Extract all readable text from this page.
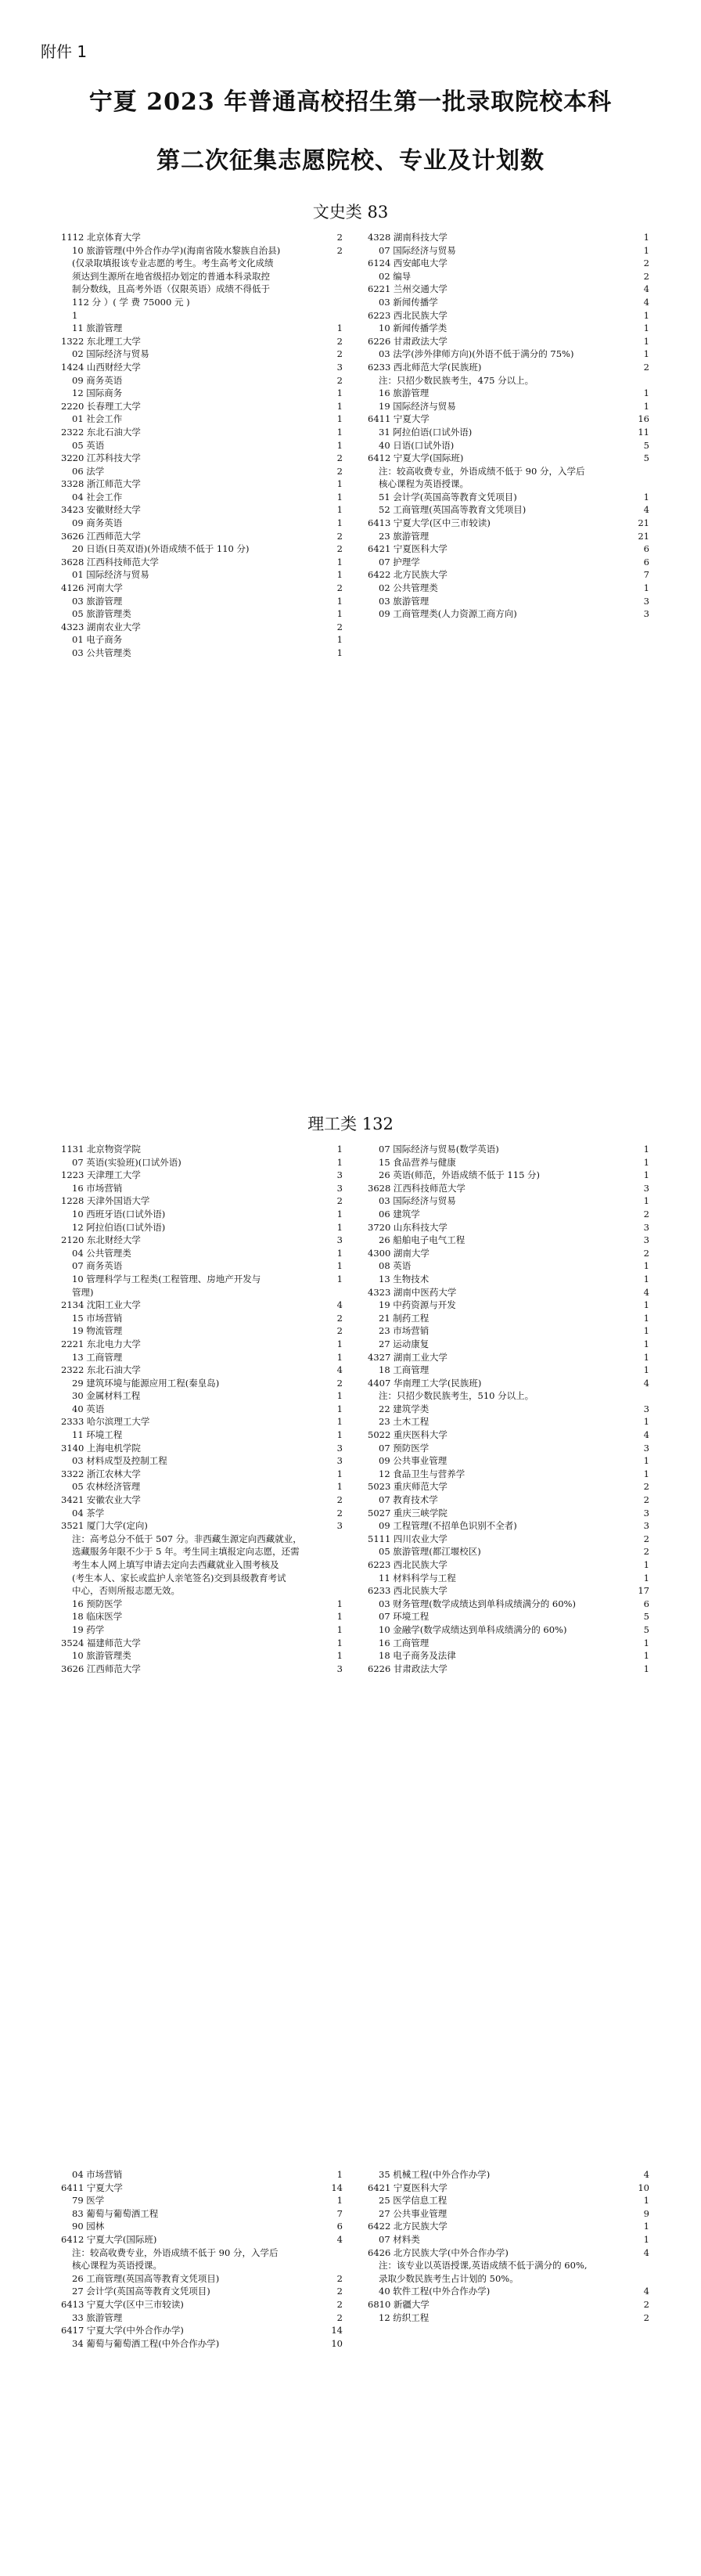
附件 1
宁夏 2023 年普通高校招生第一批录取院校本科
第二次征集志愿院校、专业及计划数
文史类 83
1112 北京体育大学	2
10 旅游管理(中外合作办学)(海南省陵水黎族自治县)	2
(仅录取填报该专业志愿的考生。考生高考文化成绩
须达到生源所在地省级招办划定的普通本科录取控
制分数线，且高考外语（仅限英语）成绩不得低于
112 分 ）( 学 费 75000 元 )
1
11 旅游管理	1
1322 东北理工大学	2
02 国际经济与贸易	2
1424 山西财经大学	3
09 商务英语	2
12 国际商务	1
2220 长春理工大学	1
01 社会工作	1
2322 东北石油大学	1
05 英语	1
3220 江苏科技大学	2
06 法学	2
3328 浙江师范大学	1
04 社会工作	1
3423 安徽财经大学	1
09 商务英语	1
3626 江西师范大学	2
20 日语(日英双语)(外语成绩不低于 110 分)	2
3628 江西科技师范大学	1
01 国际经济与贸易	1
4126 河南大学	2
03 旅游管理	1
05 旅游管理类	1
4323 湖南农业大学	2
01 电子商务	1
03 公共管理类	1
4328 湖南科技大学	1
07 国际经济与贸易	1
6124 西安邮电大学	2
02 编导	2
6221 兰州交通大学	4
03 新闻传播学	4
6223 西北民族大学	1
10 新闻传播学类	1
6226 甘肃政法大学	1
03 法学(涉外律师方向)(外语不低于满分的 75%)	1
6233 西北师范大学(民族班)	2
注：只招少数民族考生，475 分以上。
16 旅游管理	1
19 国际经济与贸易	1
6411 宁夏大学	16
31 阿拉伯语(口试外语)	11
40 日语(口试外语)	5
6412 宁夏大学(国际班)	5
注：较高收费专业，外语成绩不低于 90 分，入学后
核心课程为英语授课。
51 会计学(英国高等教育文凭项目)	1
52 工商管理(英国高等教育文凭项目)	4
6413 宁夏大学(区中三市较读)	21
23 旅游管理	21
6421 宁夏医科大学	6
07 护理学	6
6422 北方民族大学	7
02 公共管理类	1
03 旅游管理	3
09 工商管理类(人力资源工商方向)	3
理工类 132
1131 北京物资学院	1
07 英语(实验班)(口试外语)	1
1223 天津理工大学	3
16 市场营销	3
1228 天津外国语大学	2
10 西班牙语(口试外语)	1
12 阿拉伯语(口试外语)	1
2120 东北财经大学	3
04 公共管理类	1
07 商务英语	1
10 管理科学与工程类(工程管理、房地产开发与	1
管理)
2134 沈阳工业大学	4
15 市场营销	2
19 物流管理	2
2221 东北电力大学	1
13 工商管理	1
2322 东北石油大学	4
29 建筑环境与能源应用工程(秦皇岛)	2
30 金属材料工程	1
40 英语	1
2333 哈尔滨理工大学	1
11 环境工程	1
3140 上海电机学院	3
03 材料成型及控制工程	3
3322 浙江农林大学	1
05 农林经济管理	1
3421 安徽农业大学	2
04 茶学	2
3521 厦门大学(定向)	3
注：高考总分不低于 507 分。非西藏生源定向西藏就业，
选藏服务年限不少于 5 年。考生同主填报定向志愿，还需
考生本人网上填写申请去定向去西藏就业入围考核及
(考生本人、家长或监护人亲笔签名)交到县级教育考试
中心，否则所报志愿无效。
16 预防医学	1
18 临床医学	1
19 药学	1
3524 福建师范大学	1
10 旅游管理类	1
3626 江西师范大学	3
07 国际经济与贸易(数学英语)	1
15 食品营养与健康	1
26 英语(师范，外语成绩不低于 115 分)	1
3628 江西科技师范大学	3
03 国际经济与贸易	1
06 建筑学	2
3720 山东科技大学	3
26 船舶电子电气工程	3
4300 湖南大学	2
08 英语	1
13 生物技术	1
4323 湖南中医药大学	4
19 中药资源与开发	1
21 制药工程	1
23 市场营销	1
27 运动康复	1
4327 湖南工业大学	1
18 工商管理	1
4407 华南理工大学(民族班)	4
注：只招少数民族考生，510 分以上。
22 建筑学类	3
23 土木工程	1
5022 重庆医科大学	4
07 预防医学	3
09 公共事业管理	1
12 食品卫生与营养学	1
5023 重庆师范大学	2
07 教育技术学	2
5027 重庆三峡学院	3
09 工程管理(不招单色识别不全者)	3
5111 四川农业大学	2
05 旅游管理(都江堰校区)	2
6223 西北民族大学	1
11 材料科学与工程	1
6233 西北民族大学	17
03 财务管理(数学成绩达到单科成绩满分的 60%)	6
07 环境工程	5
10 金融学(数学成绩达到单科成绩满分的 60%)	5
16 工商管理	1
18 电子商务及法律	1
6226 甘肃政法大学	1
04 市场营销	1
6411 宁夏大学	14
79 医学	1
83 葡萄与葡萄酒工程	7
90 园林	6
6412 宁夏大学(国际班)	4
注：较高收费专业，外语成绩不低于 90 分，入学后
核心课程为英语授课。
26 工商管理(英国高等教育文凭项目)	2
27 会计学(英国高等教育文凭项目)	2
6413 宁夏大学(区中三市较读)	2
33 旅游管理	2
6417 宁夏大学(中外合作办学)	14
34 葡萄与葡萄酒工程(中外合作办学)	10
35 机械工程(中外合作办学)	4
6421 宁夏医科大学	10
25 医学信息工程	1
27 公共事业管理	9
6422 北方民族大学	1
07 材料类	1
6426 北方民族大学(中外合作办学)	4
注：该专业以英语授课,英语成绩不低于满分的 60%,
录取少数民族考生占计划的 50%。
40 软件工程(中外合作办学)	4
6810 新疆大学	2
12 纺织工程	2
